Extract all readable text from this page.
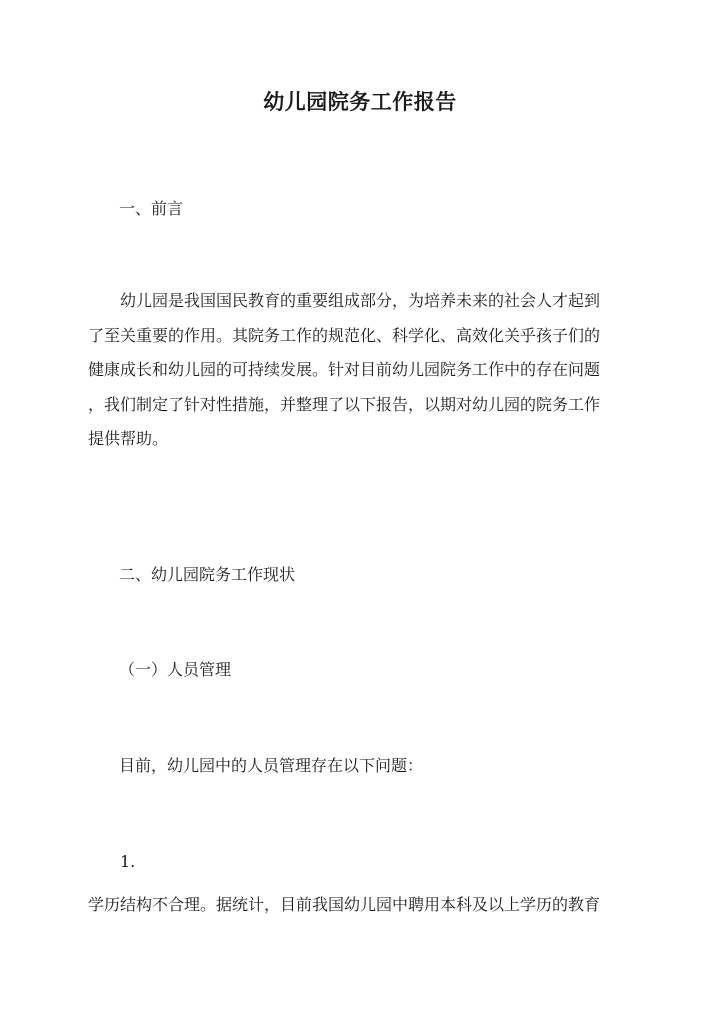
幼儿园院务工作报告
一、前言
幼儿园是我国国民教育的重要组成部分，为培养未来的社会人才起到
了至关重要的作用。其院务工作的规范化、科学化、高效化关乎孩子们的
健康成长和幼儿园的可持续发展。针对目前幼儿园院务工作中的存在问题
，我们制定了针对性措施，并整理了以下报告，以期对幼儿园的院务工作
提供帮助。
二、幼儿园院务工作现状
（一）人员管理
目前，幼儿园中的人员管理存在以下问题：
1.
学历结构不合理。据统计，目前我国幼儿园中聘用本科及以上学历的教育
